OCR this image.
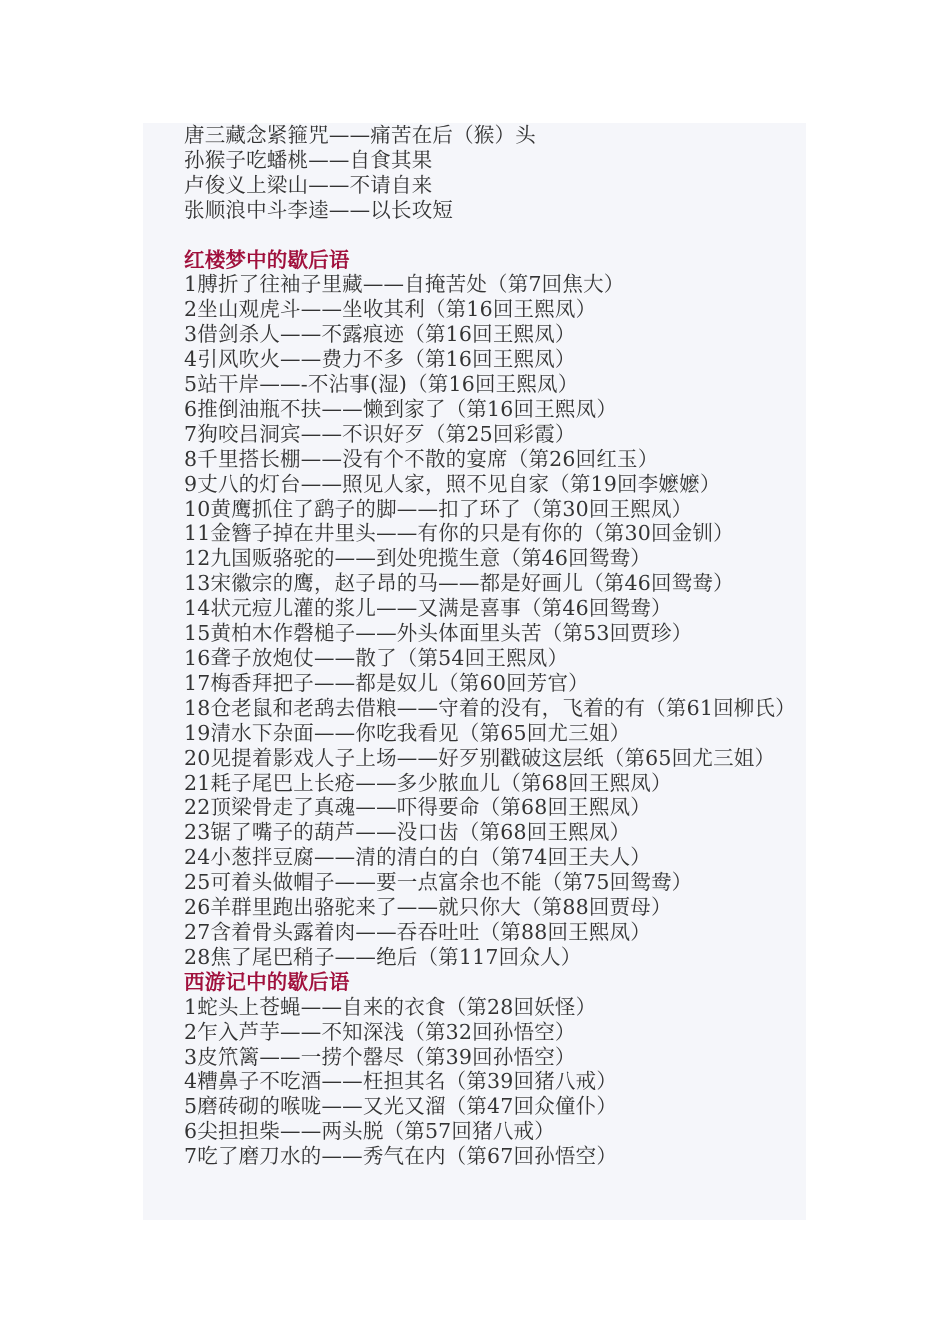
唐三藏念紧箍咒——痛苦在后（猴）头
孙猴子吃蟠桃——自食其果
卢俊义上梁山——不请自来
张顺浪中斗李逵——以长攻短
红楼梦中的歇后语
1膊折了往袖子里藏——自掩苦处（第7回焦大）
2坐山观虎斗——坐收其利（第16回王熙凤）
3借剑杀人——不露痕迹（第16回王熙凤）
4引风吹火——费力不多（第16回王熙凤）
5站干岸——-不沾事(湿)（第16回王熙凤）
6推倒油瓶不扶——懒到家了（第16回王熙凤）
7狗咬吕洞宾——不识好歹（第25回彩霞）
8千里搭长棚——没有个不散的宴席（第26回红玉）
9丈八的灯台——照见人家，照不见自家（第19回李嬷嬷）
10黄鹰抓住了鹞子的脚——扣了环了（第30回王熙凤）
11金簪子掉在井里头——有你的只是有你的（第30回金钏）
12九国贩骆驼的——到处兜揽生意（第46回鸳鸯）
13宋徽宗的鹰，赵子昂的马——都是好画儿（第46回鸳鸯）
14状元痘儿灌的浆儿——又满是喜事（第46回鸳鸯）
15黄柏木作磬槌子——外头体面里头苦（第53回贾珍）
16聋子放炮仗——散了（第54回王熙凤）
17梅香拜把子——都是奴儿（第60回芳官）
18仓老鼠和老鸹去借粮——守着的没有，飞着的有（第61回柳氏）
19清水下杂面——你吃我看见（第65回尤三姐）
20见提着影戏人子上场——好歹别戳破这层纸（第65回尤三姐）
21耗子尾巴上长疮——多少脓血儿（第68回王熙凤）
22顶梁骨走了真魂——吓得要命（第68回王熙凤）
23锯了嘴子的葫芦——没口齿（第68回王熙凤）
24小葱拌豆腐——清的清白的白（第74回王夫人）
25可着头做帽子——要一点富余也不能（第75回鸳鸯）
26羊群里跑出骆驼来了——就只你大（第88回贾母）
27含着骨头露着肉——吞吞吐吐（第88回王熙凤）
28焦了尾巴稍子——绝后（第117回众人）
西游记中的歇后语
1蛇头上苍蝇——自来的衣食（第28回妖怪）
2乍入芦芋——不知深浅（第32回孙悟空）
3皮笊篱——一捞个罄尽（第39回孙悟空）
4糟鼻子不吃酒——枉担其名（第39回猪八戒）
5磨砖砌的喉咙——又光又溜（第47回众僮仆）
6尖担担柴——两头脱（第57回猪八戒）
7吃了磨刀水的——秀气在内（第67回孙悟空）
